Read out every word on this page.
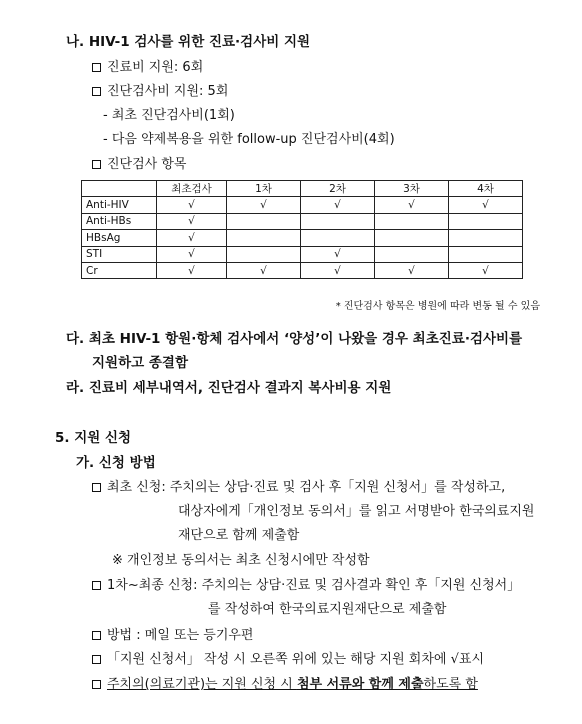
나. HIV-1 검사를 위한 진료·검사비 지원
진료비 지원: 6회
진단검사비 지원: 5회
- 최초 진단검사비(1회)
- 다음 약제복용을 위한 follow-up 진단검사비(4회)
진단검사 항목
	최초검사	1차	2차	3차	4차
Anti-HIV	√	√	√	√	√
Anti-HBs	√				
HBsAg	√				
STI	√		√		
Cr	√	√	√	√	√
* 진단검사 항목은 병원에 따라 변동 될 수 있음
다. 최초 HIV-1 항원·항체 검사에서 ‘양성’이 나왔을 경우 최초진료·검사비를
지원하고 종결함
라. 진료비 세부내역서, 진단검사 결과지 복사비용 지원
5. 지원 신청
가. 신청 방법
최초 신청: 주치의는 상담·진료 및 검사 후「지원 신청서」를 작성하고,
대상자에게「개인정보 동의서」를 읽고 서명받아 한국의료지원
재단으로 함께 제출함
※ 개인정보 동의서는 최초 신청시에만 작성함
1차~최종 신청: 주치의는 상담·진료 및 검사결과 확인 후「지원 신청서」
를 작성하여 한국의료지원재단으로 제출함
방법 : 메일 또는 등기우편
「지원 신청서」 작성 시 오른쪽 위에 있는 해당 지원 회차에 √표시
주치의(의료기관)는 지원 신청 시 첨부 서류와 함께 제출하도록 함
